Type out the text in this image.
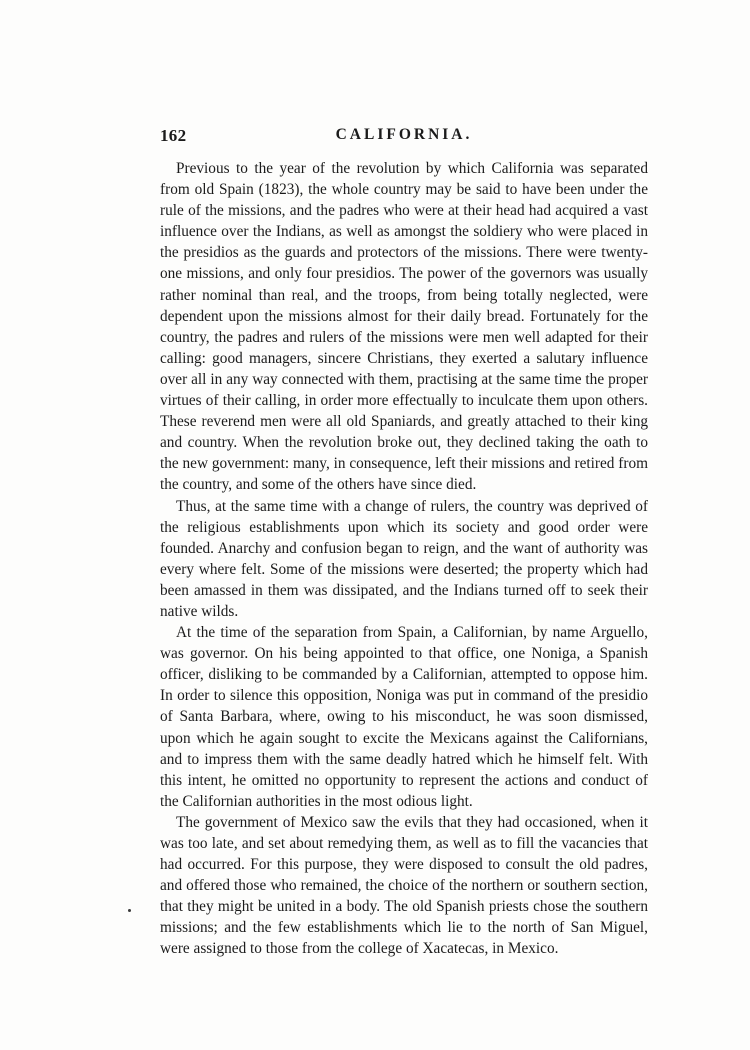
162	CALIFORNIA.

Previous to the year of the revolution by which California was separated from old Spain (1823), the whole country may be said to have been under the rule of the missions, and the padres who were at their head had acquired a vast influence over the Indians, as well as amongst the soldiery who were placed in the presidios as the guards and protectors of the missions. There were twenty-one missions, and only four presidios. The power of the governors was usually rather nominal than real, and the troops, from being totally neglected, were dependent upon the missions almost for their daily bread. Fortunately for the country, the padres and rulers of the missions were men well adapted for their calling: good managers, sincere Christians, they exerted a salutary influence over all in any way connected with them, practising at the same time the proper virtues of their calling, in order more effectually to inculcate them upon others. These reverend men were all old Spaniards, and greatly attached to their king and country. When the revolution broke out, they declined taking the oath to the new government: many, in consequence, left their missions and retired from the country, and some of the others have since died.

Thus, at the same time with a change of rulers, the country was deprived of the religious establishments upon which its society and good order were founded. Anarchy and confusion began to reign, and the want of authority was every where felt. Some of the missions were deserted; the property which had been amassed in them was dissipated, and the Indians turned off to seek their native wilds.

At the time of the separation from Spain, a Californian, by name Arguello, was governor. On his being appointed to that office, one Noniga, a Spanish officer, disliking to be commanded by a Californian, attempted to oppose him. In order to silence this opposition, Noniga was put in command of the presidio of Santa Barbara, where, owing to his misconduct, he was soon dismissed, upon which he again sought to excite the Mexicans against the Californians, and to impress them with the same deadly hatred which he himself felt. With this intent, he omitted no opportunity to represent the actions and conduct of the Californian authorities in the most odious light.

The government of Mexico saw the evils that they had occasioned, when it was too late, and set about remedying them, as well as to fill the vacancies that had occurred. For this purpose, they were disposed to consult the old padres, and offered those who remained, the choice of the northern or southern section, that they might be united in a body. The old Spanish priests chose the southern missions; and the few establishments which lie to the north of San Miguel, were assigned to those from the college of Xacatecas, in Mexico.
